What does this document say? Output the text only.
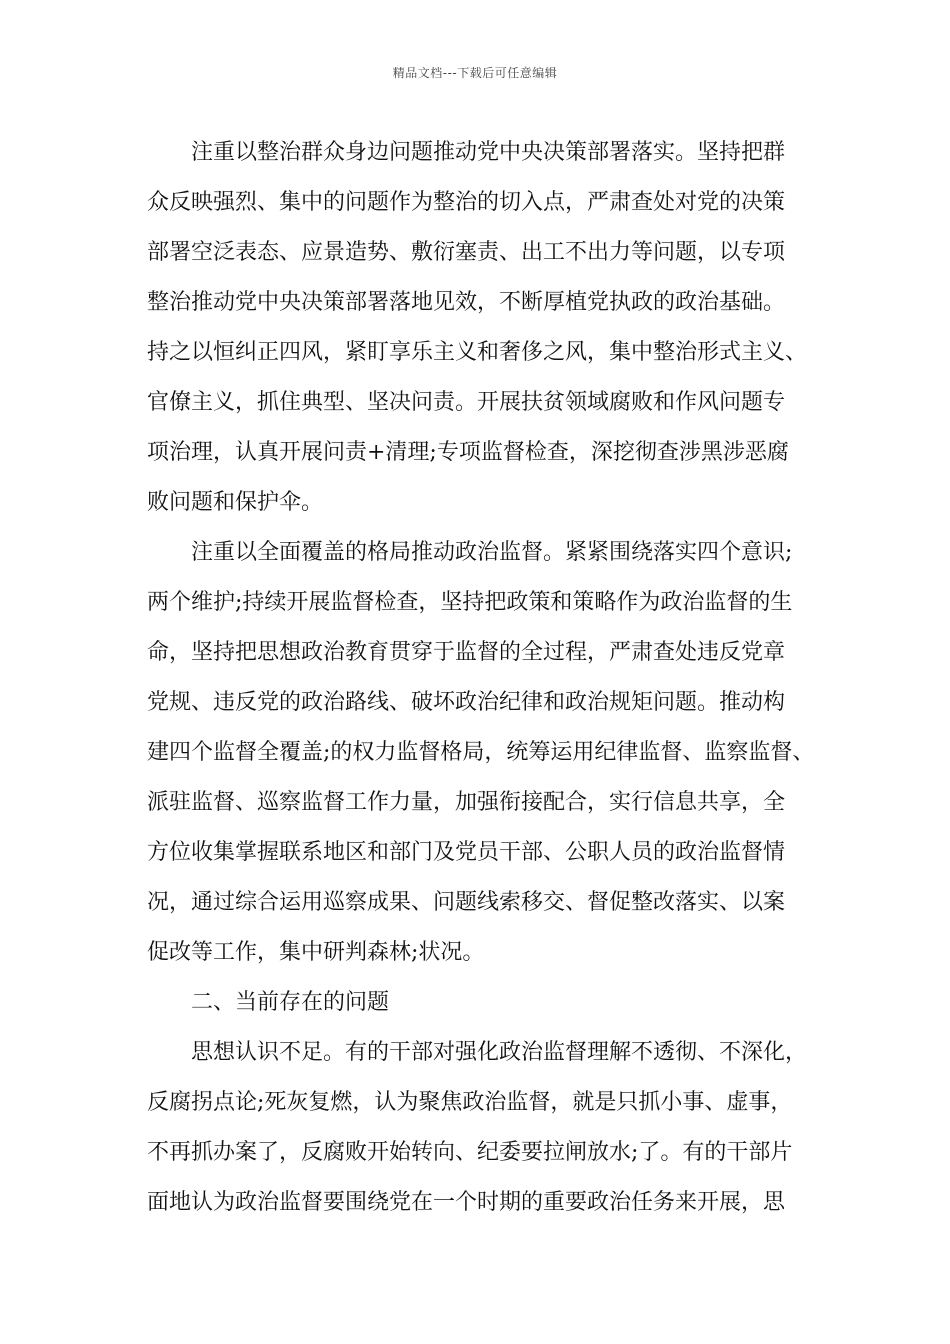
精品文档---下载后可任意编辑
注重以整治群众身边问题推动党中央决策部署落实。坚持把群
众反映强烈、集中的问题作为整治的切入点，严肃查处对党的决策
部署空泛表态、应景造势、敷衍塞责、出工不出力等问题，以专项
整治推动党中央决策部署落地见效，不断厚植党执政的政治基础。
持之以恒纠正四风，紧盯享乐主义和奢侈之风，集中整治形式主义、
官僚主义，抓住典型、坚决问责。开展扶贫领域腐败和作风问题专
项治理，认真开展问责+清理;专项监督检查，深挖彻查涉黑涉恶腐
败问题和保护伞。
注重以全面覆盖的格局推动政治监督。紧紧围绕落实四个意识;
两个维护;持续开展监督检查，坚持把政策和策略作为政治监督的生
命，坚持把思想政治教育贯穿于监督的全过程，严肃查处违反党章
党规、违反党的政治路线、破坏政治纪律和政治规矩问题。推动构
建四个监督全覆盖;的权力监督格局，统筹运用纪律监督、监察监督、
派驻监督、巡察监督工作力量，加强衔接配合，实行信息共享，全
方位收集掌握联系地区和部门及党员干部、公职人员的政治监督情
况，通过综合运用巡察成果、问题线索移交、督促整改落实、以案
促改等工作，集中研判森林;状况。
二、当前存在的问题
思想认识不足。有的干部对强化政治监督理解不透彻、不深化，
反腐拐点论;死灰复燃，认为聚焦政治监督，就是只抓小事、虚事，
不再抓办案了，反腐败开始转向、纪委要拉闸放水;了。有的干部片
面地认为政治监督要围绕党在一个时期的重要政治任务来开展，思
